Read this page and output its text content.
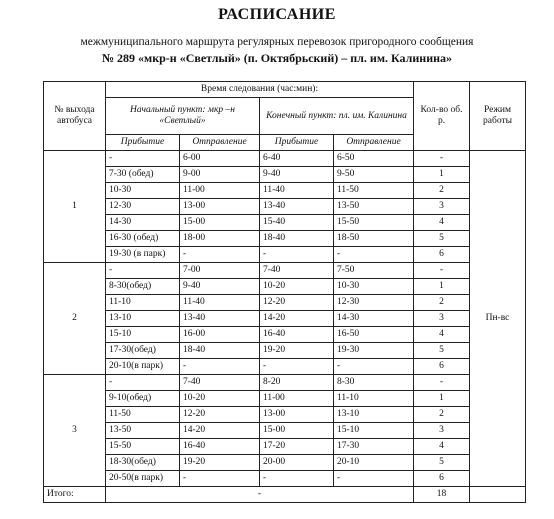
РАСПИСАНИЕ
межмуниципального маршрута регулярных перевозок пригородного сообщения
№ 289 «мкр-н «Светлый» (п. Октябрьский) – пл. им. Калинина»
№ выхода автобуса	Время следования (час:мин):				Кол-во об. р.	Режим работы
	Начальный пункт: мкр –н «Светлый»		Конечный пункт: пл. им. Калинина			
	Прибытие	Отправление	Прибытие	Отправление		
1	-	6-00	6-40	6-50	-	Пн-вс
	7-30 (обед)	9-00	9-40	9-50	1	
	10-30	11-00	11-40	11-50	2	
	12-30	13-00	13-40	13-50	3	
	14-30	15-00	15-40	15-50	4	
	16-30 (обед)	18-00	18-40	18-50	5	
	19-30 (в парк)	-	-	-	6	
2	-	7-00	7-40	7-50	-	
	8-30(обед)	9-40	10-20	10-30	1	
	11-10	11-40	12-20	12-30	2	
	13-10	13-40	14-20	14-30	3	
	15-10	16-00	16-40	16-50	4	
	17-30(обед)	18-40	19-20	19-30	5	
	20-10(в парк)	-	-	-	6	
3	-	7-40	8-20	8-30	-	
	9-10(обед)	10-20	11-00	11-10	1	
	11-50	12-20	13-00	13-10	2	
	13-50	14-20	15-00	15-10	3	
	15-50	16-40	17-20	17-30	4	
	18-30(обед)	19-20	20-00	20-10	5	
	20-50(в парк)	-	-	-	6	
Итого:	-				18	
